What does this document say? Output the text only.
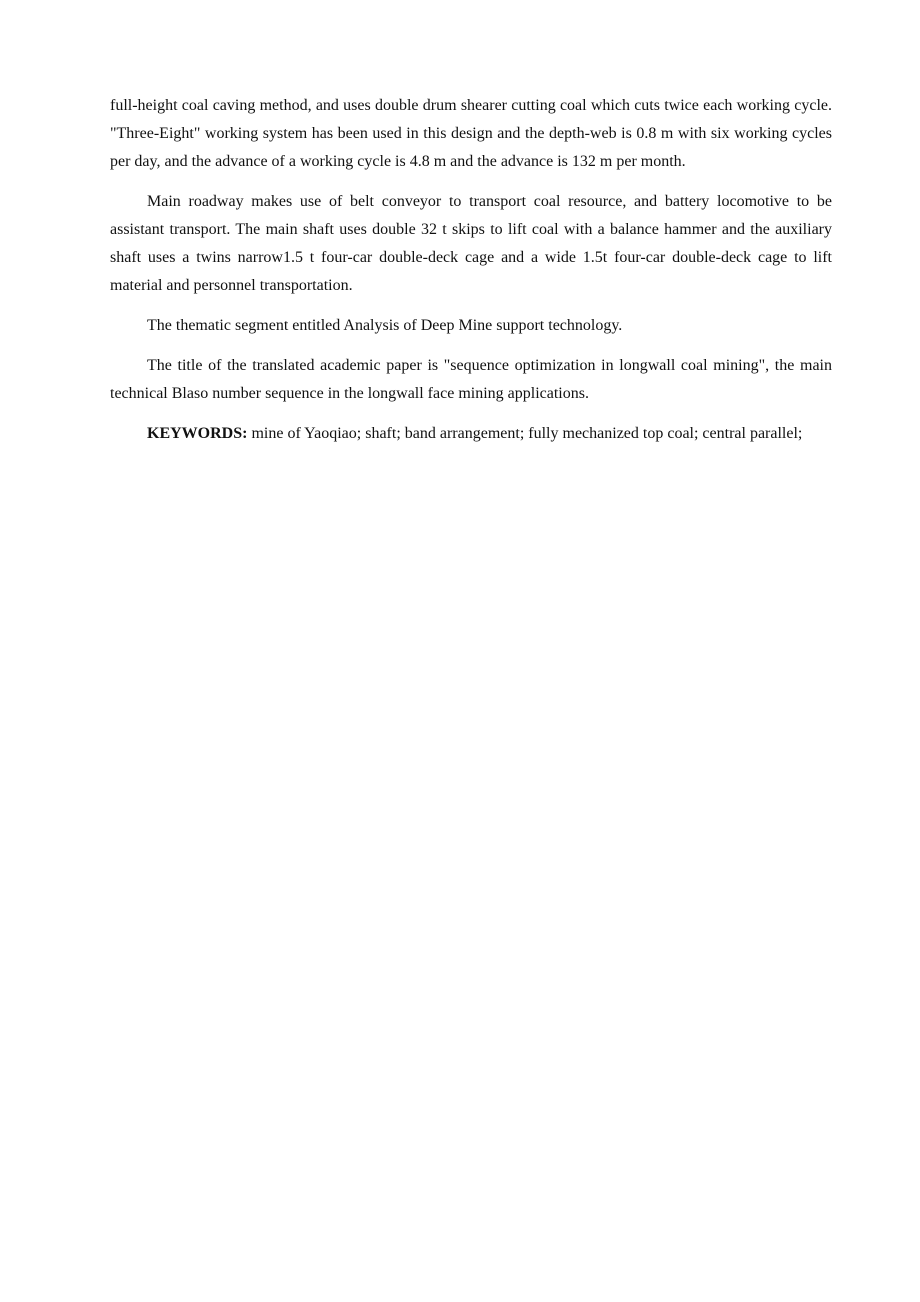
full-height coal caving method, and uses double drum shearer cutting coal which cuts twice each working cycle. "Three-Eight" working system has been used in this design and the depth-web is 0.8 m with six working cycles per day, and the advance of a working cycle is 4.8 m and the advance is 132 m per month.

Main roadway makes use of belt conveyor to transport coal resource, and battery locomotive to be assistant transport. The main shaft uses double 32 t skips to lift coal with a balance hammer and the auxiliary shaft uses a twins narrow1.5 t four-car double-deck cage and a wide 1.5t four-car double-deck cage to lift material and personnel transportation.

The thematic segment entitled Analysis of Deep Mine support technology.

The title of the translated academic paper is "sequence optimization in longwall coal mining", the main technical Blaso number sequence in the longwall face mining applications.

KEYWORDS: mine of Yaoqiao; shaft; band arrangement; fully mechanized top coal; central parallel;
